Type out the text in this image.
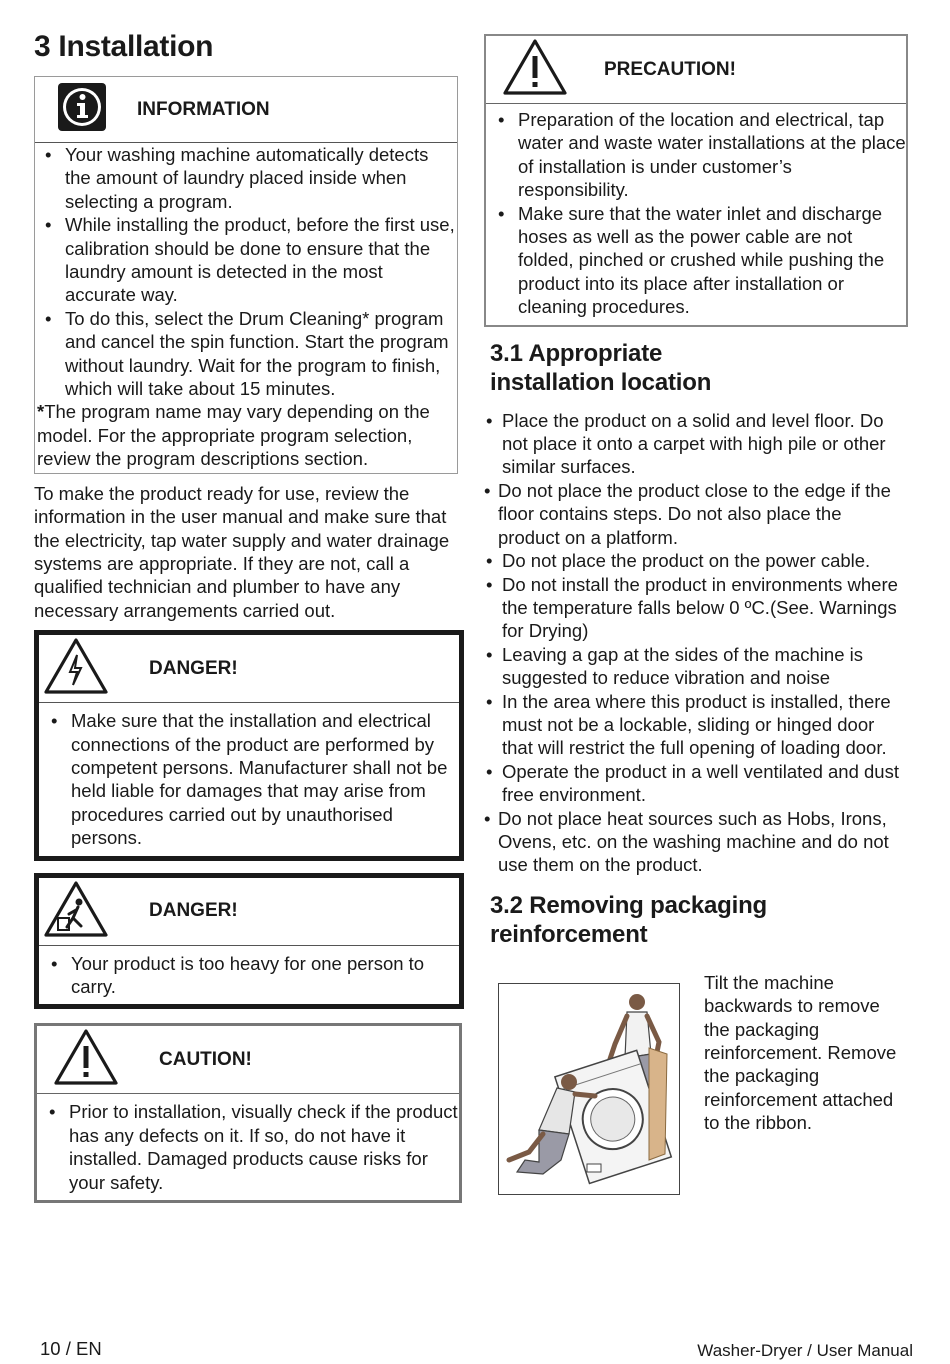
3 Installation
INFORMATION
• Your washing machine automatically detects the amount of laundry placed inside when selecting a program.
• While installing the product, before the first use, calibration should be done to ensure that the laundry amount is detected in the most accurate way.
• To do this, select the Drum Cleaning* program and cancel the spin function. Start the program without laundry. Wait for the program to finish, which will take about 15 minutes.
*The program name may vary depending on the model. For the appropriate program selection, review the program descriptions section.

To make the product ready for use, review the information in the user manual and make sure that the electricity, tap water supply and water drainage systems are appropriate. If they are not, call a qualified technician and plumber to have any necessary arrangements carried out.

DANGER!
• Make sure that the installation and electrical connections of the product are performed by competent persons. Manufacturer shall not be held liable for damages that may arise from procedures carried out by unauthorised persons.
DANGER!
• Your product is too heavy for one person to carry.
CAUTION!
• Prior to installation, visually check if the product has any defects on it. If so, do not have it installed. Damaged products cause risks for your safety.
PRECAUTION!
• Preparation of the location and electrical, tap water and waste water installations at the place of installation is under customer’s responsibility.
• Make sure that the water inlet and discharge hoses as well as the power cable are not folded, pinched or crushed while pushing the product into its place after installation or cleaning procedures.
3.1 Appropriate
installation location
• Place the product on a solid and level floor. Do not place it onto a carpet with high pile or other similar surfaces.
• Do not place the product close to the edge if the floor contains steps. Do not also place the product on a platform.
• Do not place the product on the power cable.
• Do not install the product in environments where the temperature falls below 0 ºC.(See. Warnings for Drying)
• Leaving a gap at the sides of the machine is suggested to reduce vibration and noise
• In the area where this product is installed, there must not be a lockable, sliding or hinged door that will restrict the full opening of loading door.
• Operate the product in a well ventilated and dust free environment.
• Do not place heat sources such as Hobs, Irons, Ovens, etc. on the washing machine and do not use them on the product.
3.2 Removing packaging
reinforcement
Tilt the machine backwards to remove the packaging reinforcement. Remove the packaging reinforcement attached to the ribbon.
10 / EN	Washer-Dryer / User Manual
